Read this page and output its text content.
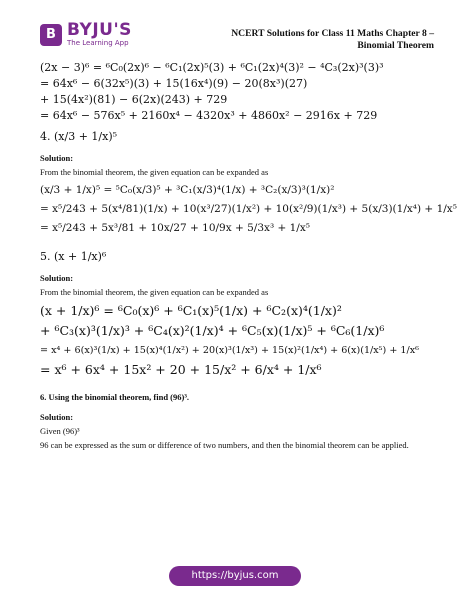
B BYJU'S
The Learning App
NCERT Solutions for Class 11 Maths Chapter 8 –
Binomial Theorem
(2x − 3)⁶ = ⁶C₀(2x)⁶ − ⁶C₁(2x)⁵(3) + ⁶C₁(2x)⁴(3)² − ⁴C₃(2x)³(3)³
= 64x⁶ − 6(32x⁵)(3) + 15(16x⁴)(9) − 20(8x³)(27)
+ 15(4x²)(81) − 6(2x)(243) + 729
= 64x⁶ − 576x⁵ + 2160x⁴ − 4320x³ + 4860x² − 2916x + 729
4. (x/3 + 1/x)⁵
Solution:
From the binomial theorem, the given equation can be expanded as
(x/3 + 1/x)⁵ = ⁵C₀(x/3)⁵ + ³C₁(x/3)⁴(1/x) + ³C₂(x/3)³(1/x)²
= x⁵/243 + 5(x⁴/81)(1/x) + 10(x³/27)(1/x²) + 10(x²/9)(1/x³) + 5(x/3)(1/x⁴) + 1/x⁵
= x⁵/243 + 5x³/81 + 10x/27 + 10/9x + 5/3x³ + 1/x⁵
5. (x + 1/x)⁶
Solution:
From the binomial theorem, the given equation can be expanded as
(x + 1/x)⁶ = ⁶C₀(x)⁶ + ⁶C₁(x)⁵(1/x) + ⁶C₂(x)⁴(1/x)²
+ ⁶C₃(x)³(1/x)³ + ⁶C₄(x)²(1/x)⁴ + ⁶C₅(x)(1/x)⁵ + ⁶C₆(1/x)⁶
= x⁴ + 6(x)³(1/x) + 15(x)⁴(1/x²) + 20(x)³(1/x³) + 15(x)²(1/x⁴) + 6(x)(1/x⁵) + 1/x⁶
= x⁶ + 6x⁴ + 15x² + 20 + 15/x² + 6/x⁴ + 1/x⁶
6. Using the binomial theorem, find (96)³.
Solution:
Given (96)³
96 can be expressed as the sum or difference of two numbers, and then the binomial theorem can be applied.
https://byjus.com
